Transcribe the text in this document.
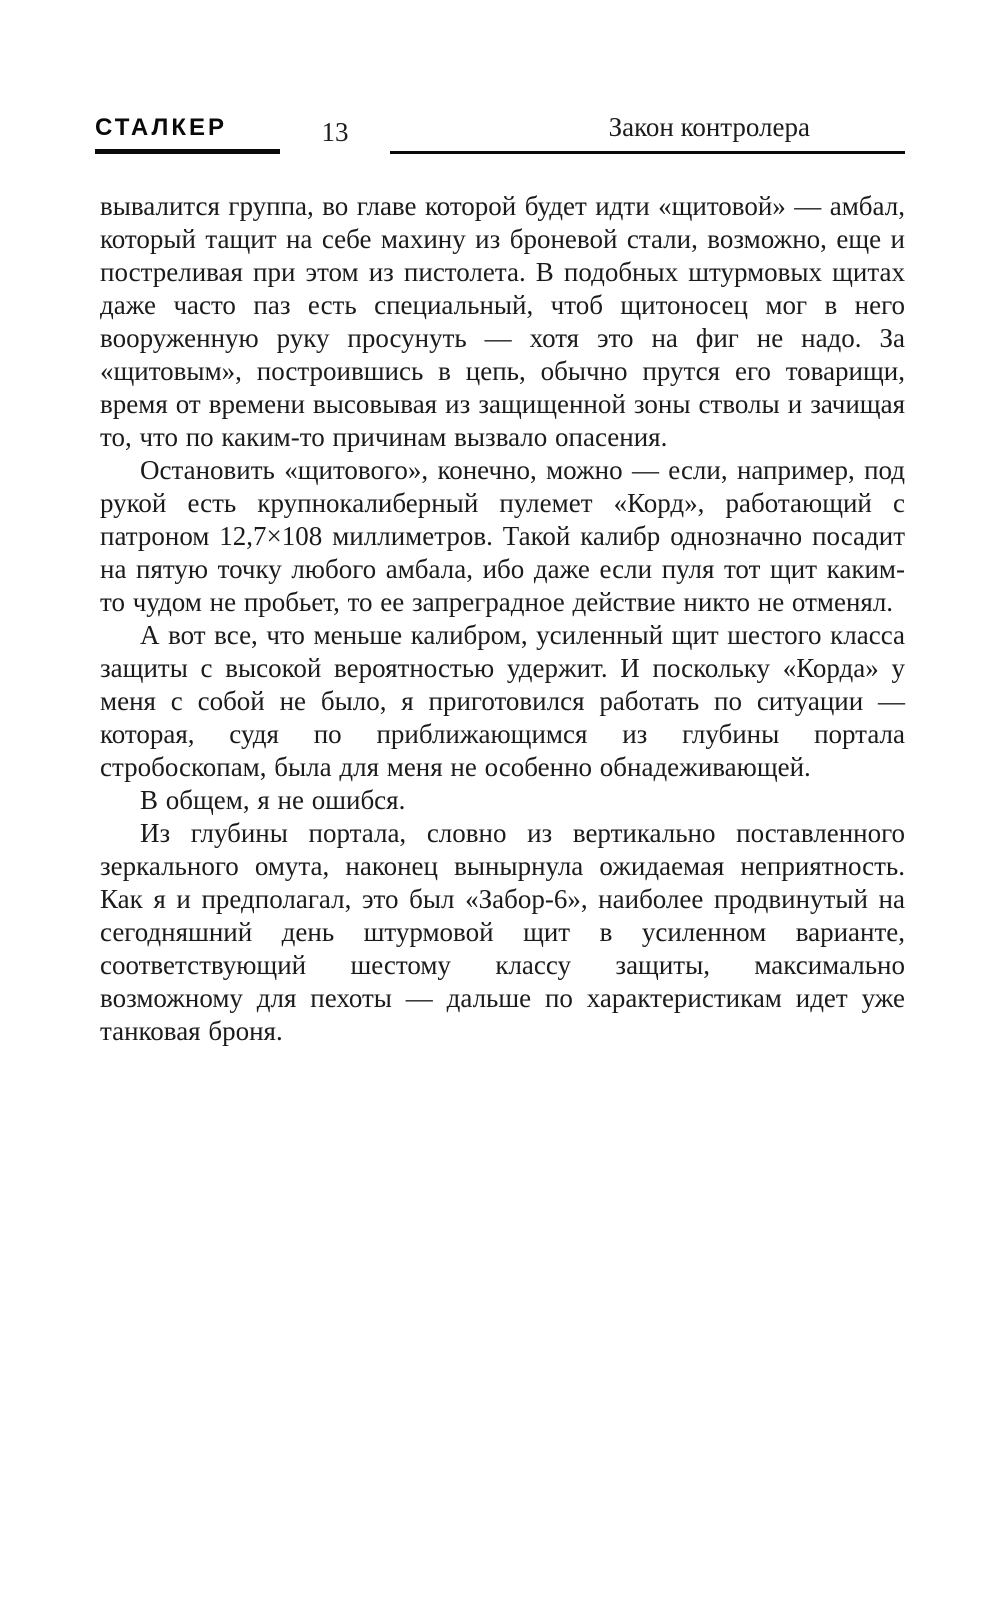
СТАЛКЕР	13	Закон контролера

вывалится группа, во главе которой будет идти «щитовой» — амбал, который тащит на себе махину из броневой стали, возможно, еще и постреливая при этом из пистолета. В подобных штурмовых щитах даже часто паз есть специальный, чтоб щитоносец мог в него вооруженную руку просунуть — хотя это на фиг не надо. За «щитовым», построившись в цепь, обычно прутся его товарищи, время от времени высовывая из защищенной зоны стволы и зачищая то, что по каким-то причинам вызвало опасения.

Остановить «щитового», конечно, можно — если, например, под рукой есть крупнокалиберный пулемет «Корд», работающий с патроном 12,7×108 миллиметров. Такой калибр однозначно посадит на пятую точку любого амбала, ибо даже если пуля тот щит каким-то чудом не пробьет, то ее запреградное действие никто не отменял.

А вот все, что меньше калибром, усиленный щит шестого класса защиты с высокой вероятностью удержит. И поскольку «Корда» у меня с собой не было, я приготовился работать по ситуации — которая, судя по приближающимся из глубины портала стробоскопам, была для меня не особенно обнадеживающей.

В общем, я не ошибся.

Из глубины портала, словно из вертикально поставленного зеркального омута, наконец вынырнула ожидаемая неприятность. Как я и предполагал, это был «Забор-6», наиболее продвинутый на сегодняшний день штурмовой щит в усиленном варианте, соответствующий шестому классу защиты, максимально возможному для пехоты — дальше по характеристикам идет уже танковая броня.
